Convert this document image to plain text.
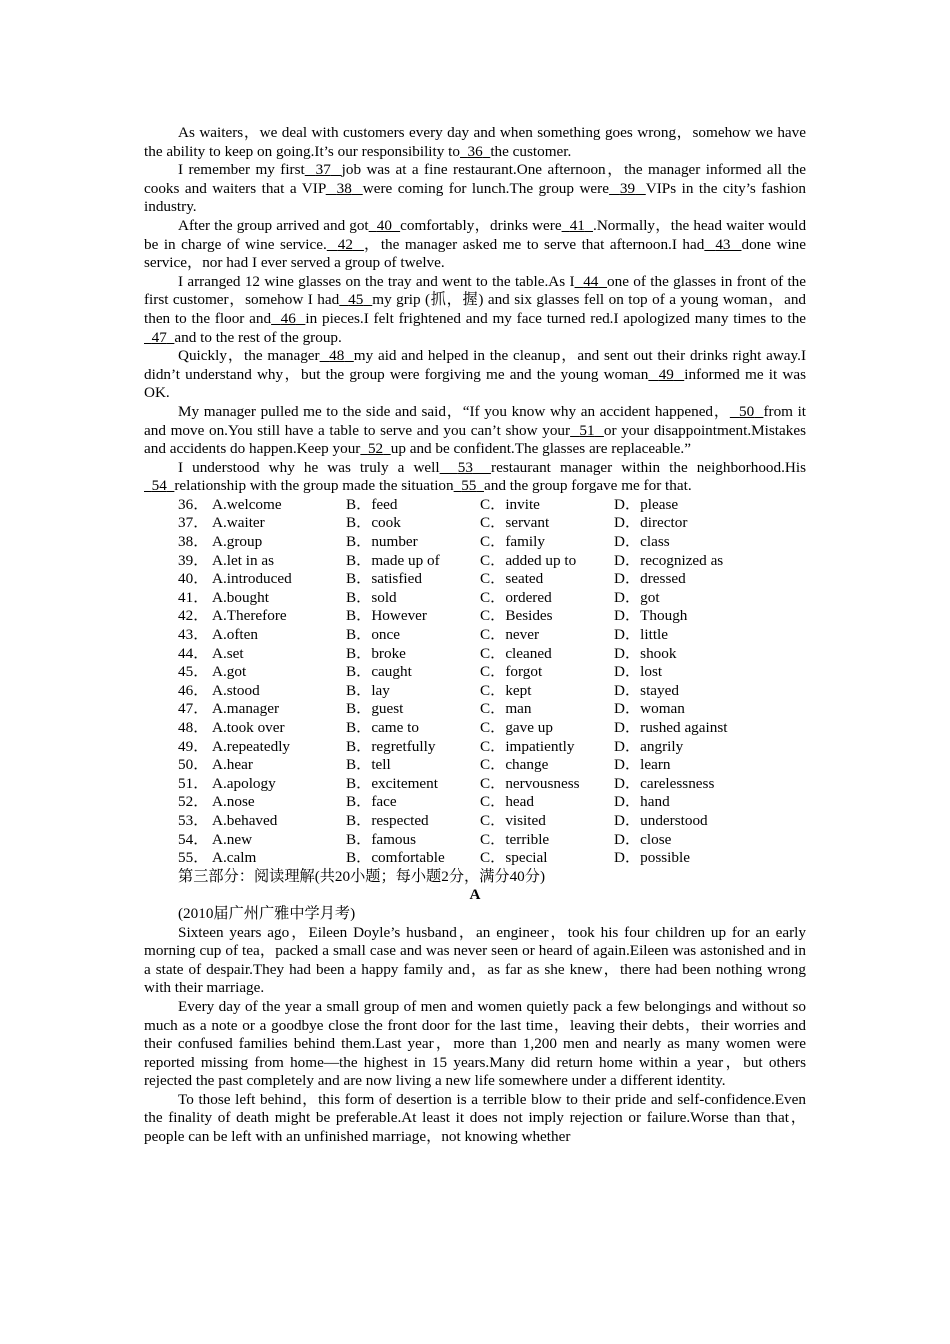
As waiters，we deal with customers every day and when something goes wrong，somehow we have the ability to keep on going.It’s our responsibility to 36 the customer.

I remember my first 37 job was at a fine restaurant.One afternoon，the manager informed all the cooks and waiters that a VIP 38 were coming for lunch.The group were 39 VIPs in the city’s fashion industry.

After the group arrived and got 40 comfortably，drinks were 41 .Normally，the head waiter would be in charge of wine service. 42 ，the manager asked me to serve that afternoon.I had 43 done wine service，nor had I ever served a group of twelve.

I arranged 12 wine glasses on the tray and went to the table.As I 44 one of the glasses in front of the first customer，somehow I had 45 my grip (抓，握) and six glasses fell on top of a young woman，and then to the floor and 46 in pieces.I felt frightened and my face turned red.I apologized many times to the  47 and to the rest of the group.

Quickly，the manager 48 my aid and helped in the cleanup，and sent out their drinks right away.I didn’t understand why，but the group were forgiving me and the young woman 49 informed me it was OK.

My manager pulled me to the side and said，“If you know why an accident happened， 50 from it and move on.You still have a table to serve and you can’t show your 51 or your disappointment.Mistakes and accidents do happen.Keep your 52 up and be confident.The glasses are replaceable.”

I understood why he was truly a well 53 restaurant manager within the neighborhood.His  54 relationship with the group made the situation 55 and the group forgave me for that.

36． A.welcome	B．feed	C．invite	D．please
37． A.waiter	B．cook	C．servant	D．director
38． A.group	B．number	C．family	D．class
39． A.let in as	B．made up of	C．added up to	D．recognized as
40． A.introduced	B．satisfied	C．seated	D．dressed
41． A.bought	B．sold	C．ordered	D．got
42． A.Therefore	B．However	C．Besides	D．Though
43． A.often	B．once	C．never	D．little
44． A.set	B．broke	C．cleaned	D．shook
45． A.got	B．caught	C．forgot	D．lost
46． A.stood	B．lay	C．kept	D．stayed
47． A.manager	B．guest	C．man	D．woman
48． A.took over	B．came to	C．gave up	D．rushed against
49． A.repeatedly	B．regretfully	C．impatiently	D．angrily
50． A.hear	B．tell	C．change	D．learn
51． A.apology	B．excitement	C．nervousness	D．carelessness
52． A.nose	B．face	C．head	D．hand
53． A.behaved	B．respected	C．visited	D．understood
54． A.new	B．famous	C．terrible	D．close
55． A.calm	B．comfortable	C．special	D．possible
第三部分：阅读理解(共20小题；每小题2分，满分40分)

A

(2010届广州广雅中学月考)

Sixteen years ago，Eileen Doyle’s husband，an engineer，took his four children up for an early morning cup of tea，packed a small case and was never seen or heard of again.Eileen was astonished and in a state of despair.They had been a happy family and，as far as she knew，there had been nothing wrong with their marriage.

Every day of the year a small group of men and women quietly pack a few belongings and without so much as a note or a goodbye close the front door for the last time，leaving their debts，their worries and their confused families behind them.Last year，more than 1,200 men and nearly as many women were reported missing from home—the highest in 15 years.Many did return home within a year，but others rejected the past completely and are now living a new life somewhere under a different identity.

To those left behind，this form of desertion is a terrible blow to their pride and self-confidence.Even the finality of death might be preferable.At least it does not imply rejection or failure.Worse than that，people can be left with an unfinished marriage，not knowing whether
